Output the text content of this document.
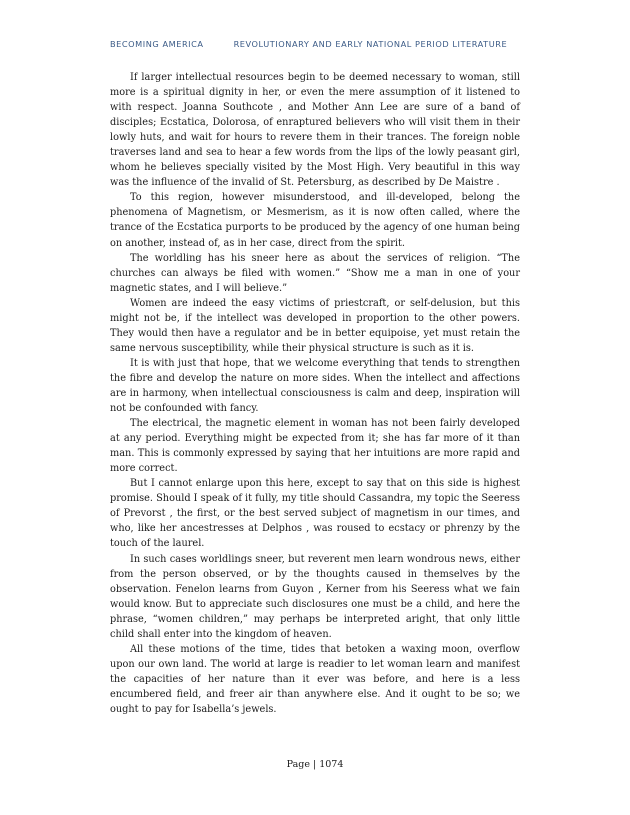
BECOMING AMERICA	REVOLUTIONARY AND EARLY NATIONAL PERIOD LITERATURE

If larger intellectual resources begin to be deemed necessary to woman, still more is a spiritual dignity in her, or even the mere assumption of it listened to with respect. Joanna Southcote , and Mother Ann Lee are sure of a band of disciples; Ecstatica, Dolorosa, of enraptured believers who will visit them in their lowly huts, and wait for hours to revere them in their trances. The foreign noble traverses land and sea to hear a few words from the lips of the lowly peasant girl, whom he believes specially visited by the Most High. Very beautiful in this way was the influence of the invalid of St. Petersburg, as described by De Maistre .

To this region, however misunderstood, and ill-developed, belong the phenomena of Magnetism, or Mesmerism, as it is now often called, where the trance of the Ecstatica purports to be produced by the agency of one human being on another, instead of, as in her case, direct from the spirit.

The worldling has his sneer here as about the services of religion. “The churches can always be filed with women.” “Show me a man in one of your magnetic states, and I will believe.”

Women are indeed the easy victims of priestcraft, or self-delusion, but this might not be, if the intellect was developed in proportion to the other powers. They would then have a regulator and be in better equipoise, yet must retain the same nervous susceptibility, while their physical structure is such as it is.

It is with just that hope, that we welcome everything that tends to strengthen the fibre and develop the nature on more sides. When the intellect and affections are in harmony, when intellectual consciousness is calm and deep, inspiration will not be confounded with fancy.

The electrical, the magnetic element in woman has not been fairly developed at any period. Everything might be expected from it; she has far more of it than man. This is commonly expressed by saying that her intuitions are more rapid and more correct.

But I cannot enlarge upon this here, except to say that on this side is highest promise. Should I speak of it fully, my title should Cassandra, my topic the Seeress of Prevorst , the first, or the best served subject of magnetism in our times, and who, like her ancestresses at Delphos , was roused to ecstacy or phrenzy by the touch of the laurel.

In such cases worldlings sneer, but reverent men learn wondrous news, either from the person observed, or by the thoughts caused in themselves by the observation. Fenelon learns from Guyon , Kerner from his Seeress what we fain would know. But to appreciate such disclosures one must be a child, and here the phrase, “women children,” may perhaps be interpreted aright, that only little child shall enter into the kingdom of heaven.

All these motions of the time, tides that betoken a waxing moon, overflow upon our own land. The world at large is readier to let woman learn and manifest the capacities of her nature than it ever was before, and here is a less encumbered field, and freer air than anywhere else. And it ought to be so; we ought to pay for Isabella’s jewels.

Page | 1074
